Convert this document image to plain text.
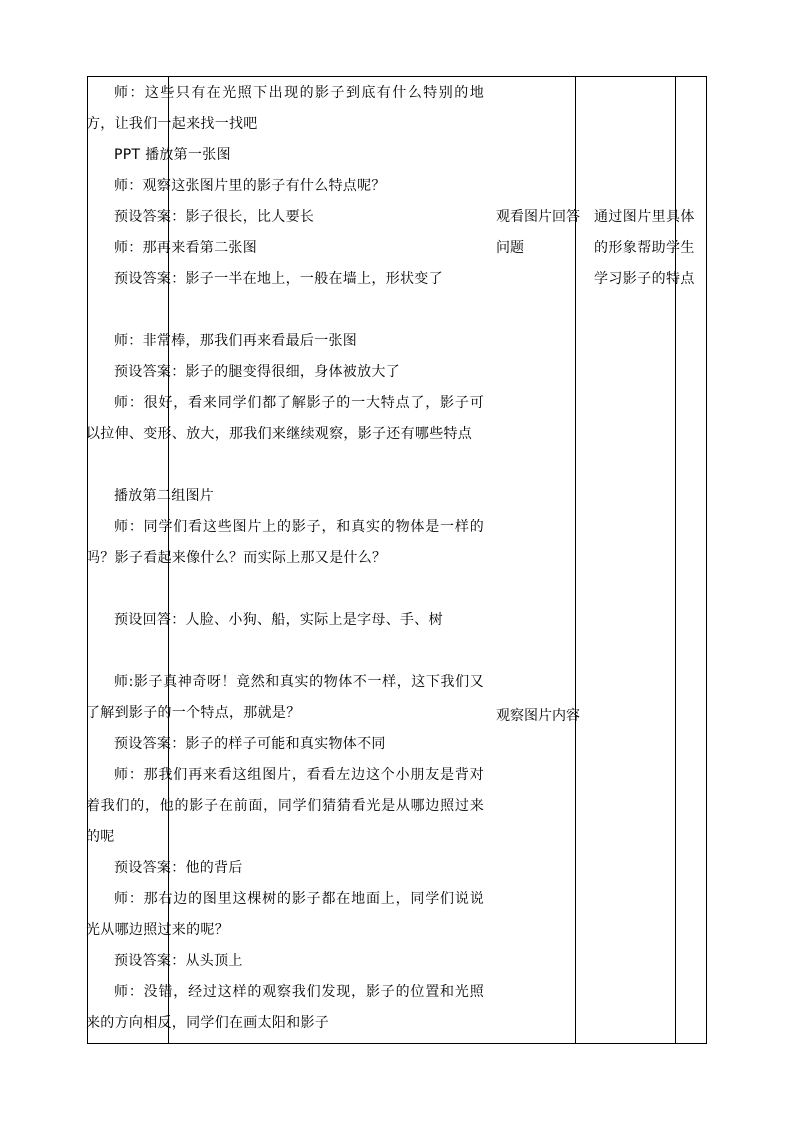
师：这些只有在光照下出现的影子到底有什么特别的地方，让我们一起来找一找吧

PPT 播放第一张图

师：观察这张图片里的影子有什么特点呢？

预设答案：影子很长，比人要长

师：那再来看第二张图

预设答案：影子一半在地上，一般在墙上，形状变了

师：非常棒，那我们再来看最后一张图

预设答案：影子的腿变得很细，身体被放大了

师：很好，看来同学们都了解影子的一大特点了，影子可以拉伸、变形、放大，那我们来继续观察，影子还有哪些特点

播放第二组图片

师：同学们看这些图片上的影子，和真实的物体是一样的吗？影子看起来像什么？而实际上那又是什么？

预设回答：人脸、小狗、船，实际上是字母、手、树

师:影子真神奇呀！竟然和真实的物体不一样，这下我们又了解到影子的一个特点，那就是？

预设答案：影子的样子可能和真实物体不同

师：那我们再来看这组图片，看看左边这个小朋友是背对着我们的，他的影子在前面，同学们猜猜看光是从哪边照过来的呢

预设答案：他的背后

师：那右边的图里这棵树的影子都在地面上，同学们说说光从哪边照过来的呢？

预设答案：从头顶上

师：没错，经过这样的观察我们发现，影子的位置和光照来的方向相反，同学们在画太阳和影子

观看图片回答问题

观察图片内容

通过图片里具体的形象帮助学生学习影子的特点
